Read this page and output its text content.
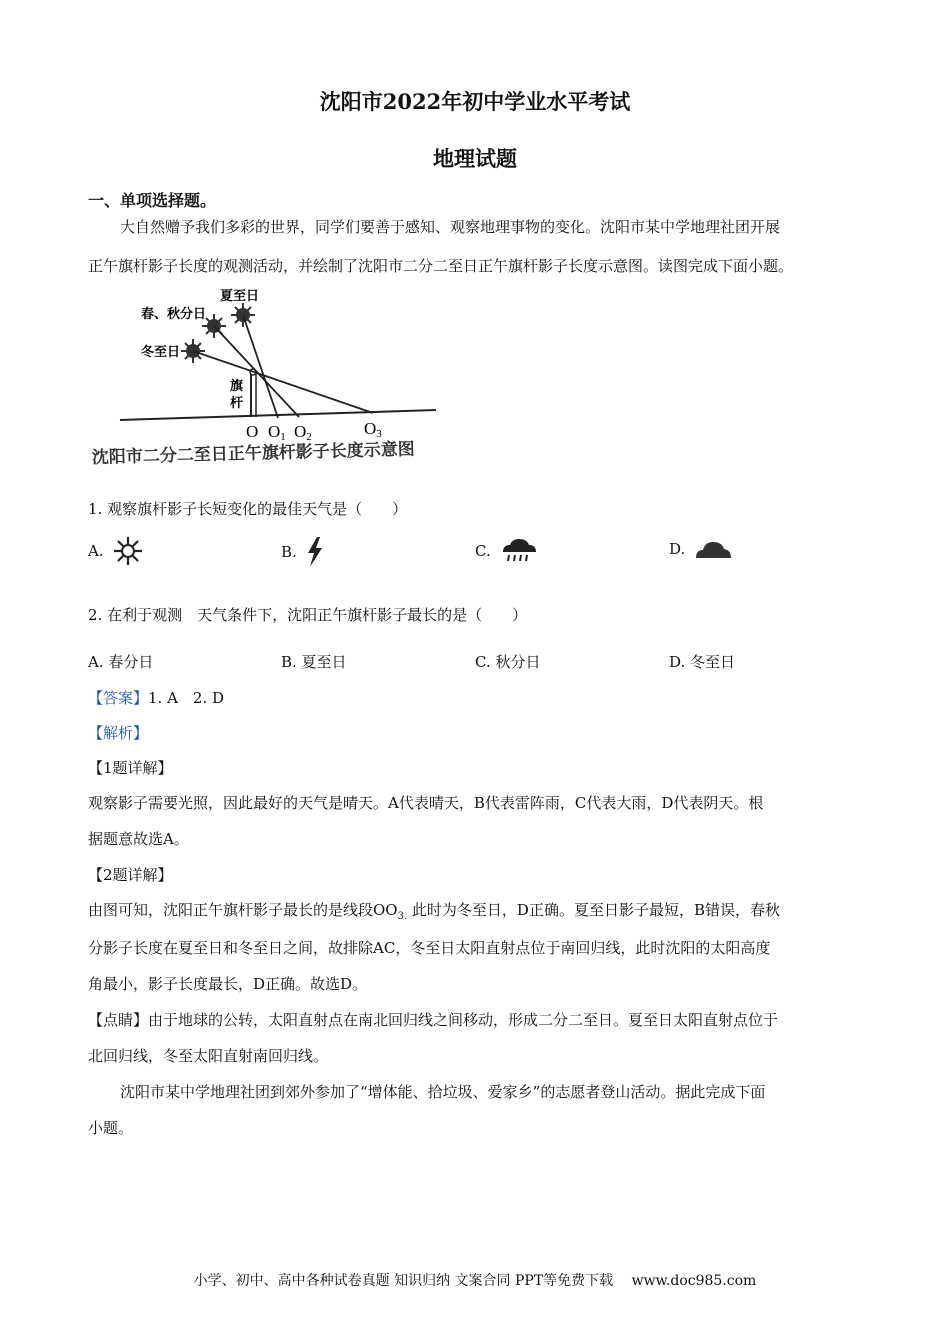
沈阳市2022年初中学业水平考试
地理试题
一、单项选择题。
大自然赠予我们多彩的世界，同学们要善于感知、观察地理事物的变化。沈阳市某中学地理社团开展
正午旗杆影子长度的观测活动，并绘制了沈阳市二分二至日正午旗杆影子长度示意图。读图完成下面小题。
春、秋分日
夏至日
冬至日
旗
杆
O O1 O2	O3
沈阳市二分二至日正午旗杆影子长度示意图
1. 观察旗杆影子长短变化的最佳天气是（　　）
A.	B.	C.	D.
2. 在利于观测　天气条件下，沈阳正午旗杆影子最长的是（　　）
A. 春分日	B. 夏至日	C. 秋分日	D. 冬至日
【答案】1. A　2. D
【解析】
【1题详解】
观察影子需要光照，因此最好的天气是晴天。A代表晴天，B代表雷阵雨，C代表大雨，D代表阴天。根
据题意故选A。
【2题详解】
由图可知，沈阳正午旗杆影子最长的是线段$OO_{3.}$ 此时为冬至日，D正确。夏至日影子最短，B错误，春秋
分影子长度在夏至日和冬至日之间，故排除AC，冬至日太阳直射点位于南回归线，此时沈阳的太阳高度
角最小，影子长度最长，D正确。故选D。
【点睛】由于地球的公转，太阳直射点在南北回归线之间移动，形成二分二至日。夏至日太阳直射点位于
北回归线，冬至太阳直射南回归线。
沈阳市某中学地理社团到郊外参加了“增体能、拾垃圾、爱家乡”的志愿者登山活动。据此完成下面
小题。
小学、初中、高中各种试卷真题 知识归纳 文案合同 PPT等免费下载　 www.doc985.com
